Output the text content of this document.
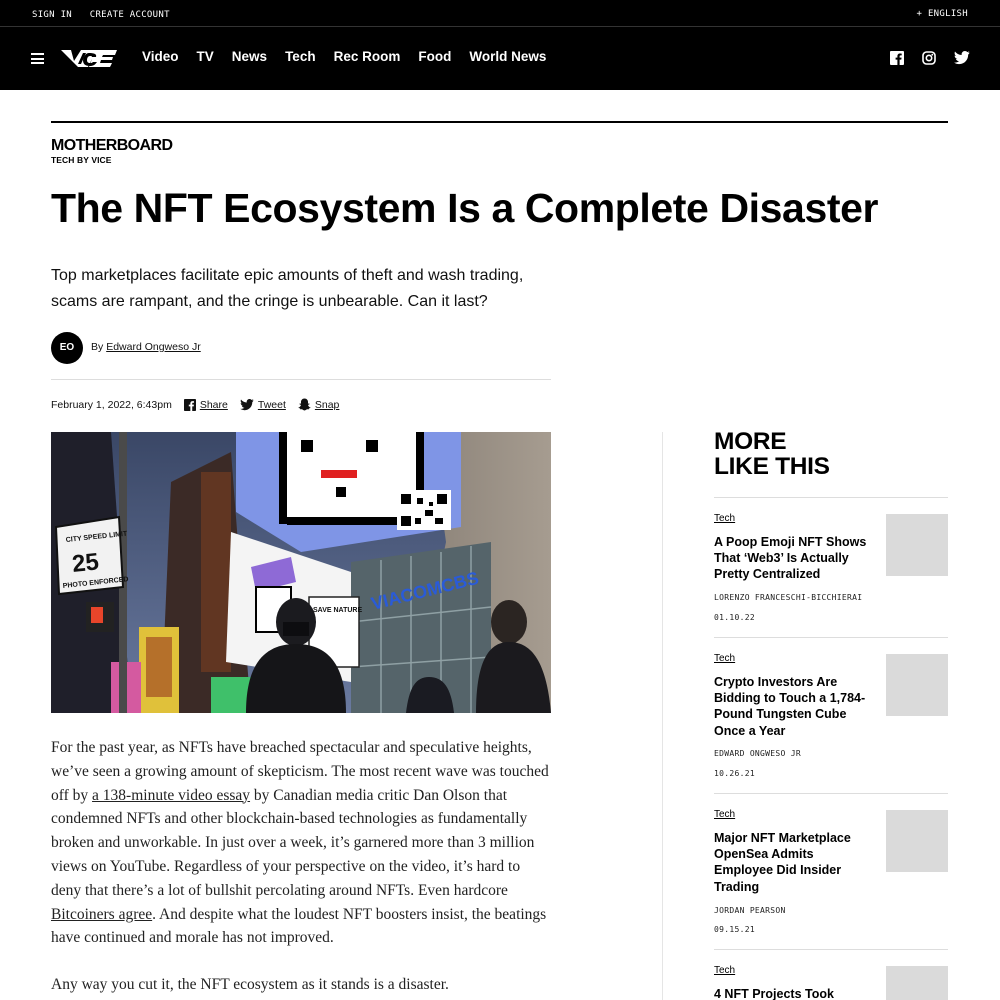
SIGN IN CREATE ACCOUNT	+ ENGLISH
Video TV News Tech Rec Room Food World News
MOTHERBOARD
TECH BY VICE
The NFT Ecosystem Is a Complete Disaster

Top marketplaces facilitate epic amounts of theft and wash trading, scams are rampant, and the cringe is unbearable. Can it last?

EO	By Edward Ongweso Jr
February 1, 2022, 6:43pm	Share	Tweet	Snap
VIACOMCBS
SAVE NATURE
CITY SPEED LIMIT
25
PHOTO ENFORCED

For the past year, as NFTs have breached spectacular and speculative heights, we’ve seen a growing amount of skepticism. The most recent wave was touched off by a 138-minute video essay by Canadian media critic Dan Olson that condemned NFTs and other blockchain-based technologies as fundamentally broken and unworkable. In just over a week, it’s garnered more than 3 million views on YouTube. Regardless of your perspective on the video, it’s hard to deny that there’s a lot of bullshit percolating around NFTs. Even hardcore Bitcoiners agree. And despite what the loudest NFT boosters insist, the beatings have continued and morale has not improved.

Any way you cut it, the NFT ecosystem as it stands is a disaster.

MORE
LIKE THIS
Tech
A Poop Emoji NFT Shows That ‘Web3’ Is Actually Pretty Centralized
LORENZO FRANCESCHI-BICCHIERAI
01.10.22
Tech
Crypto Investors Are Bidding to Touch a 1,784-Pound Tungsten Cube Once a Year
EDWARD ONGWESO JR
10.26.21
Tech
Major NFT Marketplace OpenSea Admits Employee Did Insider Trading
JORDAN PEARSON
09.15.21
Tech
4 NFT Projects Took
